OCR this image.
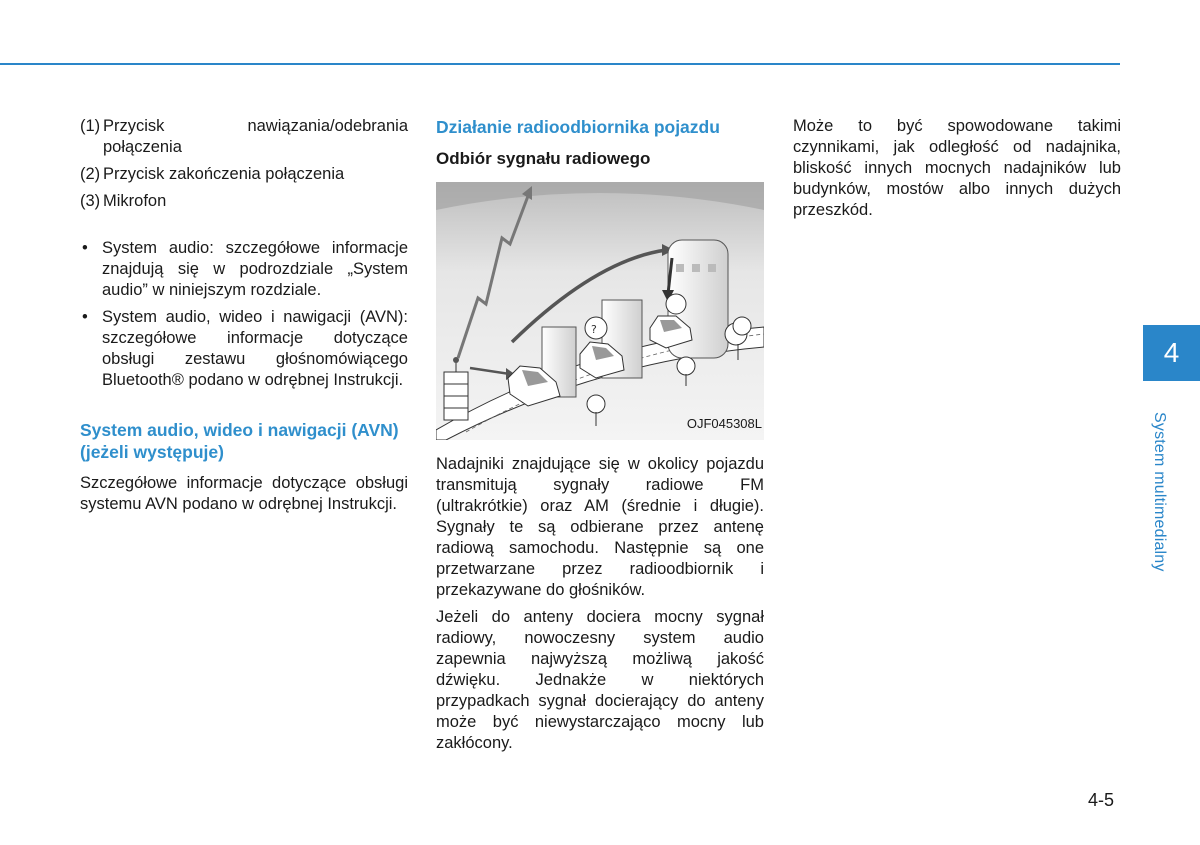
(1) Przycisk nawiązania/odebrania połączenia
(2) Przycisk zakończenia połączenia
(3) Mikrofon
• System audio: szczegółowe informacje znajdują się w podrozdziale „System audio” w niniejszym rozdziale.
• System audio, wideo i nawigacji (AVN): szczegółowe informacje dotyczące obsługi zestawu głośnomówiącego Bluetooth® podano w odrębnej Instrukcji.
System audio, wideo i nawigacji (AVN) (jeżeli występuje)
Szczegółowe informacje dotyczące obsługi systemu AVN podano w odrębnej Instrukcji.
Działanie radioodbiornika pojazdu
Odbiór sygnału radiowego
?
OJF045308L
Nadajniki znajdujące się w okolicy pojazdu transmitują sygnały radiowe FM (ultrakrótkie) oraz AM (średnie i długie). Sygnały te są odbierane przez antenę radiową samochodu. Następnie są one przetwarzane przez radioodbiornik i przekazywane do głośników.
Jeżeli do anteny dociera mocny sygnał radiowy, nowoczesny system audio zapewnia najwyższą możliwą jakość dźwięku. Jednakże w niektórych przypadkach sygnał docierający do anteny może być niewystarczająco mocny lub zakłócony.
Może to być spowodowane takimi czynnikami, jak odległość od nadajnika, bliskość innych mocnych nadajników lub budynków, mostów albo innych dużych przeszkód.
4
System multimedialny
4-5
